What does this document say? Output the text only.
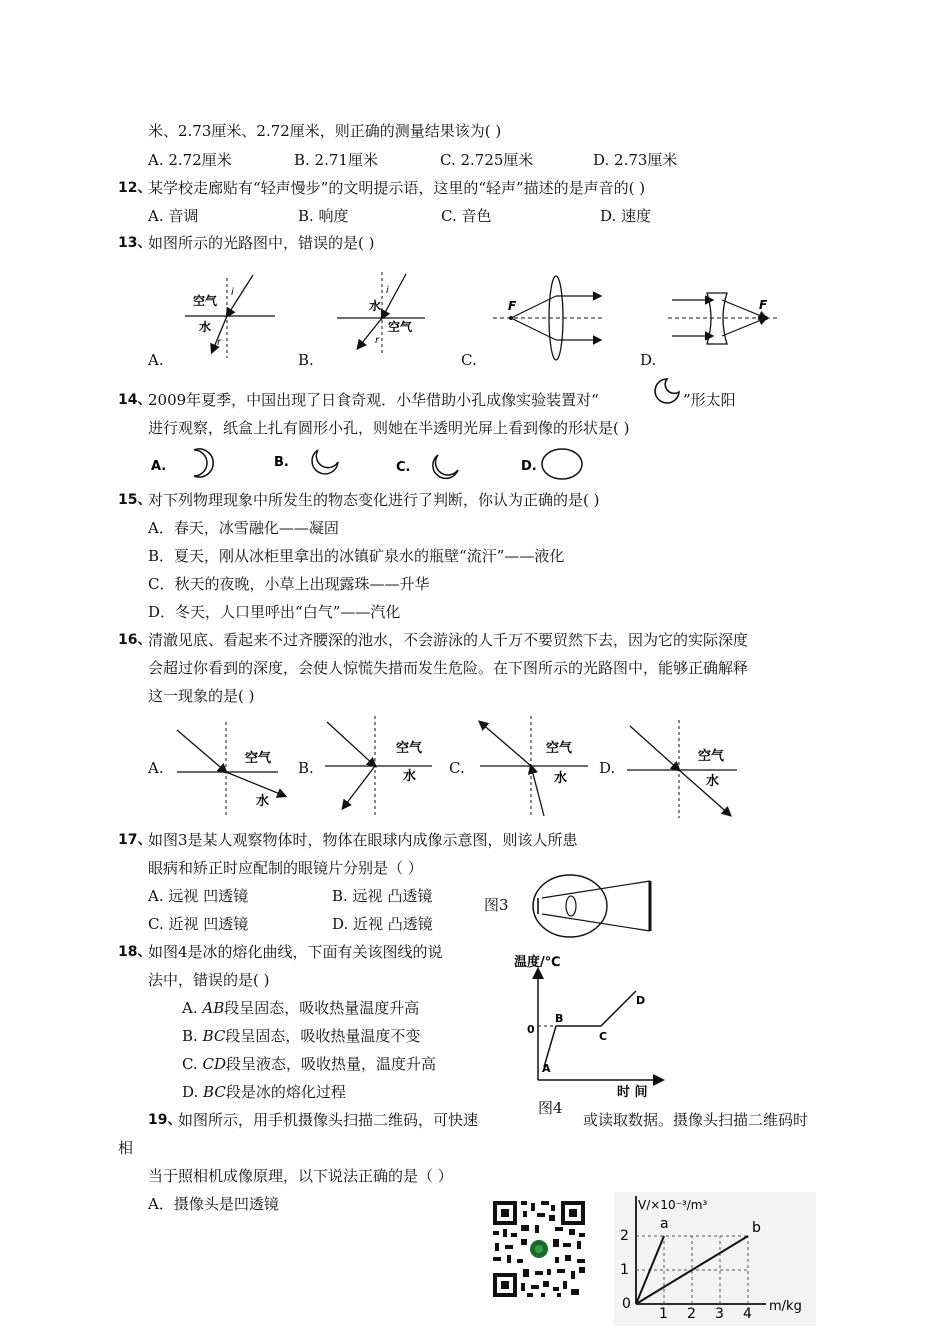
米、2.73厘米、2.72厘米，则正确的测量结果该为( )
A. 2.72厘米	B. 2.71厘米	C. 2.725厘米	D. 2.73厘米
12、
某学校走廊贴有“轻声慢步”的文明提示语，这里的“轻声”描述的是声音的( )
A. 音调	B. 响度	C. 音色	D. 速度
13、
如图所示的光路图中，错误的是( )
空气
水
i
r
水
空气
i
r
F	F
A.	B.	C.	D.
14、
2009年夏季，中国出现了日食奇观．小华借助小孔成像实验装置对“	”形太阳
进行观察，纸盒上扎有圆形小孔，则她在半透明光屏上看到像的形状是( )
A.	B.	C.	D.
15、
对下列物理现象中所发生的物态变化进行了判断，你认为正确的是( )
A．春天，冰雪融化——凝固
B．夏天，刚从冰柜里拿出的冰镇矿泉水的瓶壁“流汗”——液化
C．秋天的夜晚，小草上出现露珠——升华
D．冬天，人口里呼出“白气”——汽化
16、
清澈见底、看起来不过齐腰深的池水，不会游泳的人千万不要贸然下去，因为它的实际深度
会超过你看到的深度，会使人惊慌失措而发生危险。在下图所示的光路图中，能够正确解释
这一现象的是( )
空气
水
空气
水
空气
水
空气
水
A.	B.	C.	D.
17、
如图3是某人观察物体时，物体在眼球内成像示意图，则该人所患
眼病和矫正时应配制的眼镜片分别是（ ）
A. 远视 凹透镜	B. 远视 凸透镜
C. 近视 凹透镜	D. 近视 凸透镜
图3
18、
如图4是冰的熔化曲线，下面有关该图线的说
法中，错误的是( )
A. AB段呈固态，吸收热量温度升高
B. BC段呈固态，吸收热量温度不变
C. CD段呈液态，吸收热量，温度升高
D. BC段是冰的熔化过程
温度/℃
时 间
0
A
B
C
D
图4
19、
如图所示，用手机摄像头扫描二维码，可快速	或读取数据。摄像头扫描二维码时
相
当于照相机成像原理，以下说法正确的是（ ）
A．摄像头是凹透镜	V/×10⁻³/m³
m/kg
1
2
0
1 2 3 4
a	b
